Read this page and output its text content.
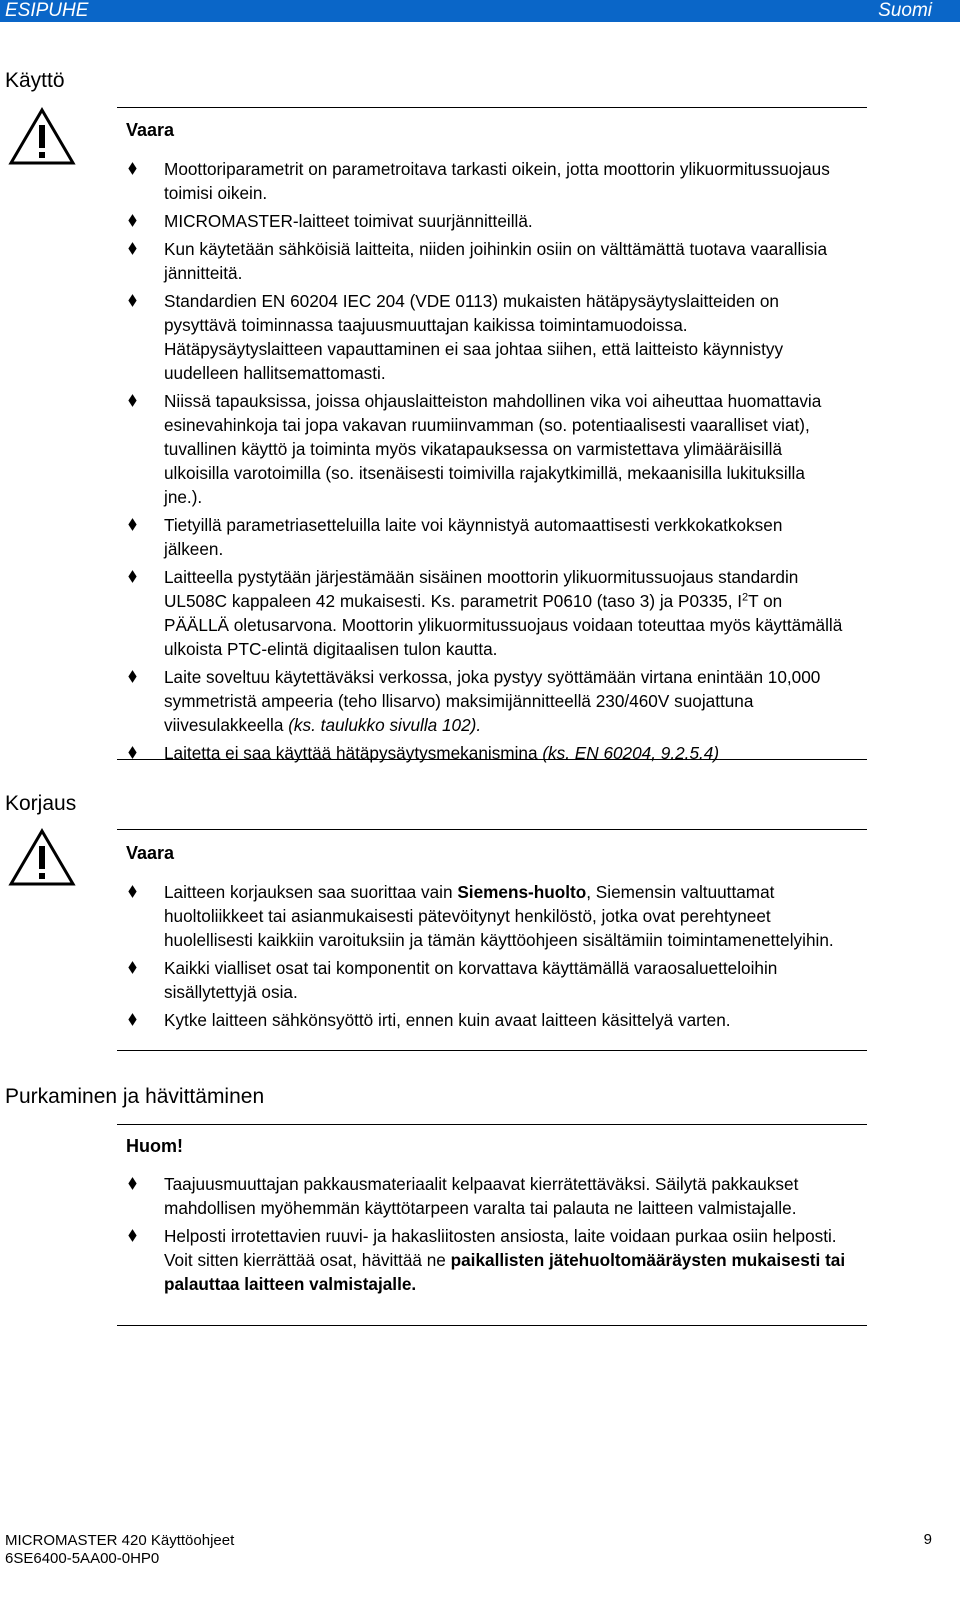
ESIPUHE	Suomi
Käyttö
Vaara
Moottoriparametrit on parametroitava tarkasti oikein, jotta moottorin ylikuormitussuojaus toimisi oikein.
MICROMASTER-laitteet toimivat suurjännitteillä.
Kun käytetään sähköisiä laitteita, niiden joihinkin osiin on välttämättä tuotava vaarallisia jännitteitä.
Standardien EN 60204 IEC 204 (VDE 0113) mukaisten hätäpysäytyslaitteiden on pysyttävä toiminnassa taajuusmuuttajan kaikissa toimintamuodoissa. Hätäpysäytyslaitteen vapauttaminen ei saa johtaa siihen, että laitteisto käynnistyy uudelleen hallitsemattomasti.
Niissä tapauksissa, joissa ohjauslaitteiston mahdollinen vika voi aiheuttaa huomattavia esinevahinkoja tai jopa vakavan ruumiinvamman (so. potentiaalisesti vaaralliset viat), tuvallinen käyttö ja toiminta myös vikatapauksessa on varmistettava ylimääräisillä ulkoisilla varotoimilla (so. itsenäisesti toimivilla rajakytkimillä, mekaanisilla lukituksilla jne.).
Tietyillä parametriasetteluilla laite voi käynnistyä automaattisesti verkkokatkoksen jälkeen.
Laitteella pystytään järjestämään sisäinen moottorin ylikuormitussuojaus standardin UL508C kappaleen 42 mukaisesti. Ks. parametrit P0610 (taso 3) ja P0335, $I^2T$ on PÄÄLLÄ oletusarvona. Moottorin ylikuormitussuojaus voidaan toteuttaa myös käyttämällä ulkoista PTC-elintä digitaalisen tulon kautta.
Laite soveltuu käytettäväksi verkossa, joka pystyy syöttämään virtana enintään 10,000 symmetristä ampeeria (teho llisarvo) maksimijännitteellä 230/460V suojattuna viivesulakkeella (ks. taulukko sivulla 102).
Laitetta ei saa käyttää hätäpysäytysmekanismina (ks. EN 60204, 9.2.5.4)
Korjaus
Vaara
Laitteen korjauksen saa suorittaa vain Siemens-huolto, Siemensin valtuuttamat huoltoliikkeet tai asianmukaisesti pätevöitynyt henkilöstö, jotka ovat perehtyneet huolellisesti kaikkiin varoituksiin ja tämän käyttöohjeen sisältämiin toimintamenettelyihin.
Kaikki vialliset osat tai komponentit on korvattava käyttämällä varaosaluetteloihin sisällytettyjä osia.
Kytke laitteen sähkönsyöttö irti, ennen kuin avaat laitteen käsittelyä varten.
Purkaminen ja hävittäminen
Huom!
Taajuusmuuttajan pakkausmateriaalit kelpaavat kierrätettäväksi. Säilytä pakkaukset mahdollisen myöhemmän käyttötarpeen varalta tai palauta ne laitteen valmistajalle.
Helposti irrotettavien ruuvi- ja hakasliitosten ansiosta, laite voidaan purkaa osiin helposti. Voit sitten kierrättää osat, hävittää ne paikallisten jätehuoltomääräysten mukaisesti tai palauttaa laitteen valmistajalle.
MICROMASTER 420 Käyttöohjeet
6SE6400-5AA00-0HP0
9
